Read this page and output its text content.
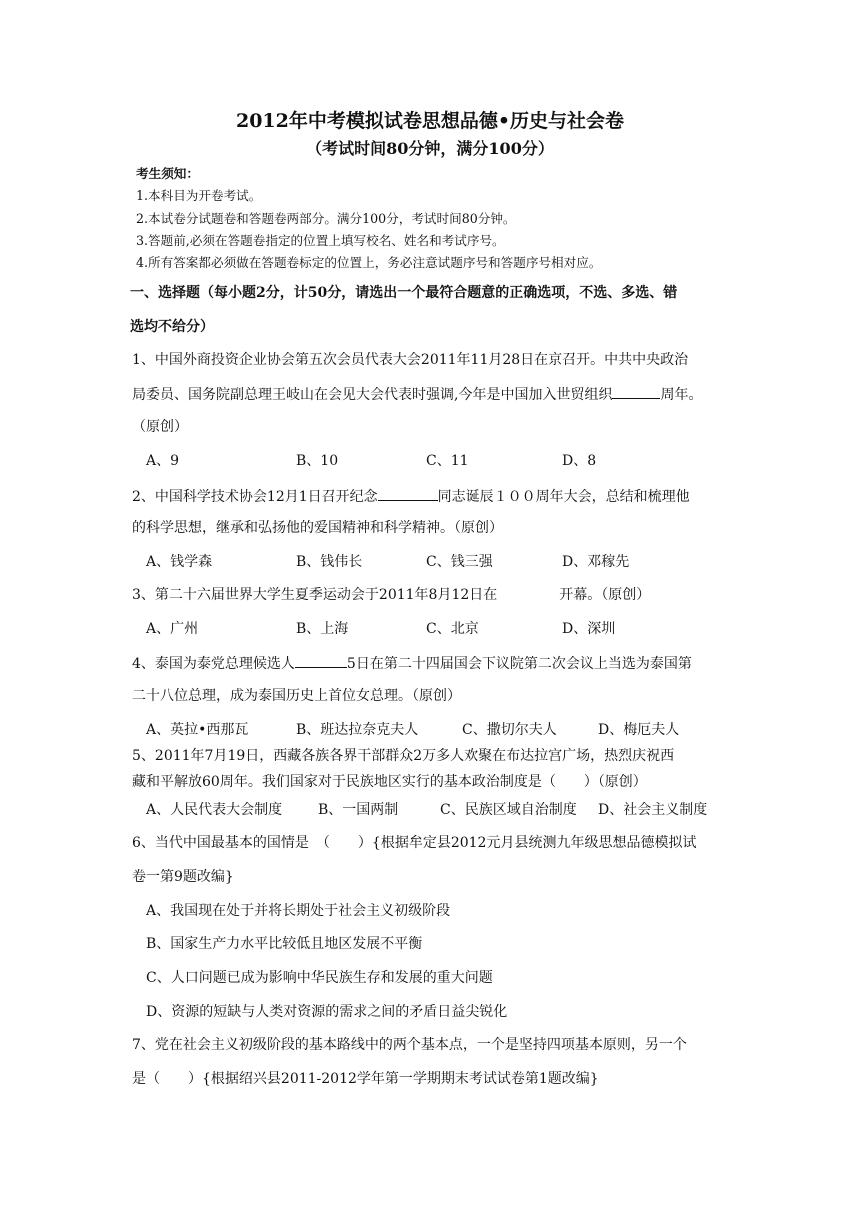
2012年中考模拟试卷思想品德•历史与社会卷
（考试时间80分钟，满分100分）
考生须知：
1.本科目为开卷考试。
2.本试卷分试题卷和答题卷两部分。满分100分，考试时间80分钟。
3.答题前,必须在答题卷指定的位置上填写校名、姓名和考试序号。
4.所有答案都必须做在答题卷标定的位置上，务必注意试题序号和答题序号相对应。
一、选择题（每小题2分，计50分，请选出一个最符合题意的正确选项，不选、多选、错
选均不给分）
1、中国外商投资企业协会第五次会员代表大会2011年11月28日在京召开。中共中央政治
局委员、国务院副总理王岐山在会见大会代表时强调,今年是中国加入世贸组织	周年。
（原创）
A、9	B、10	C、11	D、8
2、中国科学技术协会12月1日召开纪念	同志诞辰１００周年大会，总结和梳理他
的科学思想，继承和弘扬他的爱国精神和科学精神。（原创）
A、钱学森	B、钱伟长	C、钱三强	D、邓稼先
3、第二十六届世界大学生夏季运动会于2011年8月12日在	开幕。（原创）
A、广州	B、上海	C、北京	D、深圳
4、泰国为泰党总理候选人	5日在第二十四届国会下议院第二次会议上当选为泰国第
二十八位总理，成为泰国历史上首位女总理。（原创）
A、英拉•西那瓦	B、班达拉奈克夫人	C、撒切尔夫人	D、梅厄夫人
5、2011年7月19日，西藏各族各界干部群众2万多人欢聚在布达拉宫广场，热烈庆祝西
藏和平解放60周年。我们国家对于民族地区实行的基本政治制度是（　　）（原创）
A、人民代表大会制度	B、一国两制	C、民族区域自治制度 D、社会主义制度
6、当代中国最基本的国情是　（　　）{根据牟定县2012元月县统测九年级思想品德模拟试
卷一第9题改编}
A、我国现在处于并将长期处于社会主义初级阶段
B、国家生产力水平比较低且地区发展不平衡
C、人口问题已成为影响中华民族生存和发展的重大问题
D、资源的短缺与人类对资源的需求之间的矛盾日益尖锐化
7、党在社会主义初级阶段的基本路线中的两个基本点，一个是坚持四项基本原则，另一个
是（　　）{根据绍兴县2011-2012学年第一学期期末考试试卷第1题改编}
